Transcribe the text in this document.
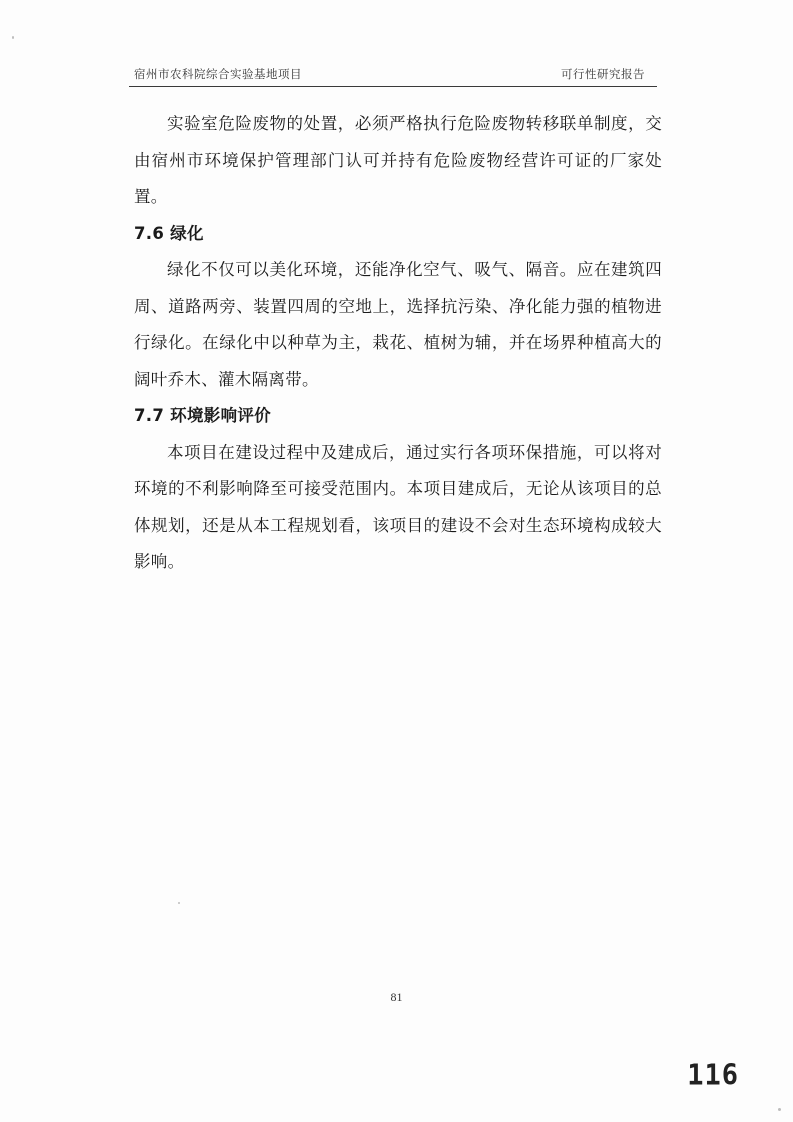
宿州市农科院综合实验基地项目	可行性研究报告

实验室危险废物的处置，必须严格执行危险废物转移联单制度，交由宿州市环境保护管理部门认可并持有危险废物经营许可证的厂家处置。

7.6 绿化

绿化不仅可以美化环境，还能净化空气、吸气、隔音。应在建筑四周、道路两旁、装置四周的空地上，选择抗污染、净化能力强的植物进行绿化。在绿化中以种草为主，栽花、植树为辅，并在场界种植高大的阔叶乔木、灌木隔离带。

7.7 环境影响评价

本项目在建设过程中及建成后，通过实行各项环保措施，可以将对环境的不利影响降至可接受范围内。本项目建成后，无论从该项目的总体规划，还是从本工程规划看，该项目的建设不会对生态环境构成较大影响。

81
116
